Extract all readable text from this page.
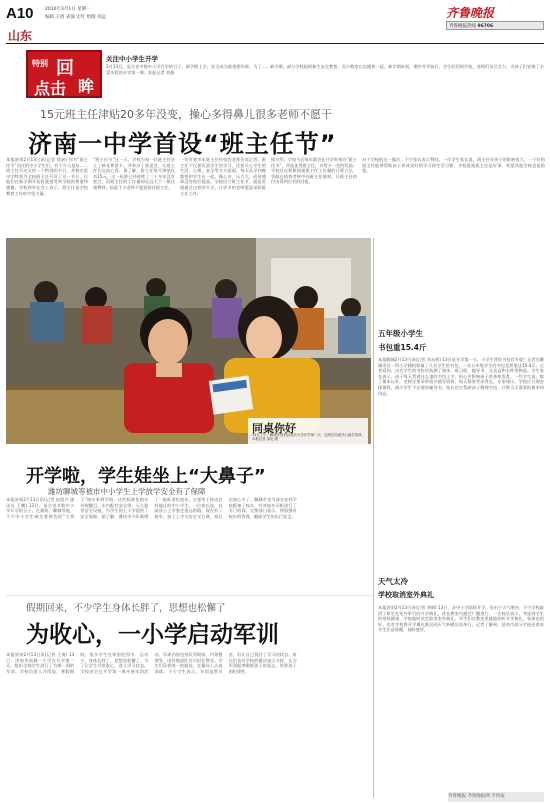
A10	2010年3月1日 星期一
编辑 王倩 表演 宏红 组版 高远
山东
齐鲁晚报
齐鲁晚报热线 96706
特别 回
眸
点击
关注中小学生开学
2月13日，是全省多数中小学开学的日子，新学期上学，安全成为最重要的事。为了……新学期，部分学校组织新生安全教育，而少数家长也跟着一起，新学期来到，期中开学前后，学生们回到学校，老师们各尽全力，为孩子们安排了丰富多彩的开学第一课。本报记者 刘强
15元班主任津贴20多年没变，操心多得鼻儿很多老师不愿干
济南一中学首设“班主任节”
本报济南2月13日讯(记者 徐滋) 你为“班主任节”而过的中小学生们，有不少人是从……班主任节这天的一个特别的节日，齐鲁实验中学特别为全校班主任开设了这一节日，让他们在新学期开始时就感受到学校的尊重和感谢。学校领导在会上表示，班主任是学校教育工作的中坚力量。
“班主任节”这一天，学校为每一位班主任送上了鲜花和贺卡，并举办了座谈会，让班主任们交流心得。据了解，班主任每月津贴仅有15元，这一标准已经持续了二十多年没有变过，而班主任的工作量却远远大于一般任课教师，因此不少老师不愿意担任班主任。
一位有着多年班主任经验的老师告诉记者，班主任不仅要负责学生的学习，还要关心学生的生活、心理、安全等方方面面，每天从早到晚都要和学生在一起，操心多，压力大，而待遇却没有相应提高。学校设立班主任节，就是希望通过这样的方式，让更多的老师愿意承担班主任工作。
据介绍，学校今后每年都会在开学时举办“班主任节”，评选优秀班主任，并给予一定的奖励。学校还在积极探索班主任工作量的计算方法，争取在绩效考核中向班主任倾斜，让班主任的付出得到应有的回报。
对于学校的这一做法，不少家长表示赞同。一位学生家长说，班主任对孩子的影响很大，一个好的班主任能够帮助孩子养成良好的学习和生活习惯，学校重视班主任是好事，希望其他学校也能借鉴。
同桌你好
13日上午，聊城东昌府区南关小学开学第一天，这两位同桌开心地打招呼。 本报记者 邹伦 摄
五年级小学生
书包重15.4斤
本报聊城2月13日讯(记者 刘永明) 13日是开学第一天，小学生背的书包有多重？记者在聊城市区一所小学随机称量了几名学生的书包，一名五年级学生的书包竟然重达15.4斤。记者看到，这名学生的书包里装满了课本、练习册、辅导书、文具盒和水杯等物品。学生家长表示，孩子每天背着这么重的书包上学，担心会影响孩子的身体发育。一些学生说，除了课本以外，老师还要求带很多辅导资料，每天都要背来背去。专家建议，学校应合理安排课程，减少学生不必要的辅导书，家长也应帮助孩子整理书包，只带当天需要的课本和用品。
天气太冷
学校取消室外典礼
本报济南2月13日讯(记者 李钢) 13日，各中小学陆续开学，但由于天气寒冷，不少学校取消了原定在室外举行的开学典礼，改在教室内通过广播进行。一位校长表示，考虑到学生的身体健康，学校临时决定取消室外典礼，学生们在教室里就能收听开学典礼，效果也很好。也有学校将开学典礼推迟到天气转暖后再举行。记者了解到，济南市部分学校还要求学生注意保暖，预防感冒。
开学啦，学生娃坐上“大鼻子”
潍坊聊城等被市中小学生上学放学安全有了保障
本报济南2月13日讯(记者 赵国兴 通讯员 王鹏) 13日，是全省多数中小学开学的日子，在潍坊、聊城等地，不少中小学生乘坐着黄色的“大鼻子”校车来到学校。这些标准化校车外观醒目，车内配有安全带、灭火器等安全设施，为学生的上下学提供了安全保障。据了解，潍坊市今年新增了一批标准化校车，主要用于接送农村地区的中小学生。一位家长说，以前孩子上学要走很远的路，现在有了校车，孩子上学又安全又方便，家长也放心多了。聊城市也为部分农村学校配备了校车，并对校车司机进行了专门培训。交警部门表示，将加强对校车的管理，确保学生的出行安全。
假期回来，不少学生身体长胖了，思想也松懈了
为收心，一小学启动军训
本报济南2月13日讯(记者 王倩) 13日，济南市南城一小学在开学第一天，组织全校学生进行了为期一周的军训。学校负责人介绍说，寒假期间，很多学生在家里吃得多、运动少，身体长胖了，思想也松懈了。为了让学生尽快收心，进入学习状态，学校决定在开学第一周开展军训活动。军训内容包括队列训练、内务整理等，由驻地部队官兵担任教官。学生们穿着统一的服装，在操场上认真训练，不少学生表示，军训虽然辛苦，但让自己找回了学习的状态。家长们也对学校的做法表示支持，认为军训能够锻炼孩子的意志，培养孩子的纪律性。
齐鲁晚报 齐鲁晚报网 手机报
